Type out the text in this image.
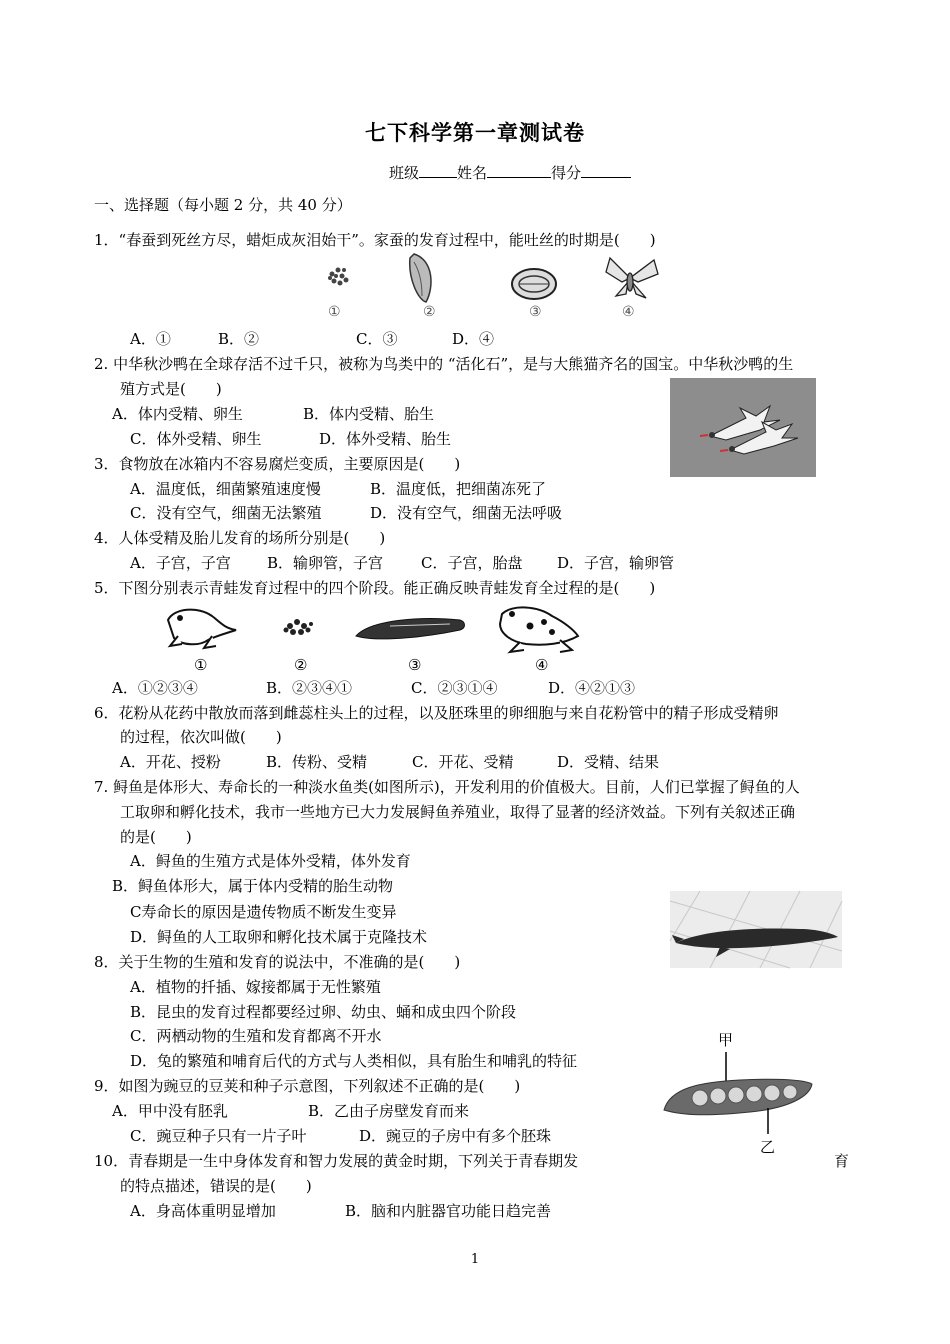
七下科学第一章测试卷
班级	姓名	得分
一、选择题（每小题 2 分，共 40 分）
1．“春蚕到死丝方尽，蜡炬成灰泪始干”。家蚕的发育过程中，能吐丝的时期是(　　)
①	②	③	④
A．①	B．②	C．③	D．④
2. 中华秋沙鸭在全球存活不过千只，被称为鸟类中的 “活化石”，是与大熊猫齐名的国宝。中华秋沙鸭的生
殖方式是(　　)
A．体内受精、卵生	B．体内受精、胎生
C．体外受精、卵生	D．体外受精、胎生
3．食物放在冰箱内不容易腐烂变质，主要原因是(　　)
A．温度低，细菌繁殖速度慢	B．温度低，把细菌冻死了
C．没有空气，细菌无法繁殖	D．没有空气，细菌无法呼吸
4．人体受精及胎儿发育的场所分别是(　　)
A．子宫，子宫 B．输卵管，子宫	C．子宫，胎盘 D．子宫，输卵管
5．下图分别表示青蛙发育过程中的四个阶段。能正确反映青蛙发育全过程的是(　　)
①	②	③	④
A．①②③④	B．②③④①	C．②③①④	D．④②①③
6．花粉从花药中散放而落到雌蕊柱头上的过程，以及胚珠里的卵细胞与来自花粉管中的精子形成受精卵
的过程，依次叫做(　　)
A．开花、授粉	B．传粉、受精	C．开花、受精	D．受精、结果
7. 鲟鱼是体形大、寿命长的一种淡水鱼类(如图所示)，开发利用的价值极大。目前，人们已掌握了鲟鱼的人
工取卵和孵化技术，我市一些地方已大力发展鲟鱼养殖业，取得了显著的经济效益。下列有关叙述正确
的是(　　)
A．鲟鱼的生殖方式是体外受精，体外发育
B．鲟鱼体形大，属于体内受精的胎生动物
C寿命长的原因是遗传物质不断发生变异
D．鲟鱼的人工取卵和孵化技术属于克隆技术
8．关于生物的生殖和发育的说法中，不准确的是(　　)
A．植物的扦插、嫁接都属于无性繁殖
B．昆虫的发育过程都要经过卵、幼虫、蛹和成虫四个阶段
C．两栖动物的生殖和发育都离不开水
D．兔的繁殖和哺育后代的方式与人类相似，具有胎生和哺乳的特征
甲
乙
9．如图为豌豆的豆荚和种子示意图，下列叙述不正确的是(　　)
A．甲中没有胚乳	B．乙由子房壁发育而来
C．豌豆种子只有一片子叶	D．豌豆的子房中有多个胚珠
10．青春期是一生中身体发育和智力发展的黄金时期，下列关于青春期发	育
的特点描述，错误的是(　　)
A．身高体重明显增加	B．脑和内脏器官功能日趋完善
1
